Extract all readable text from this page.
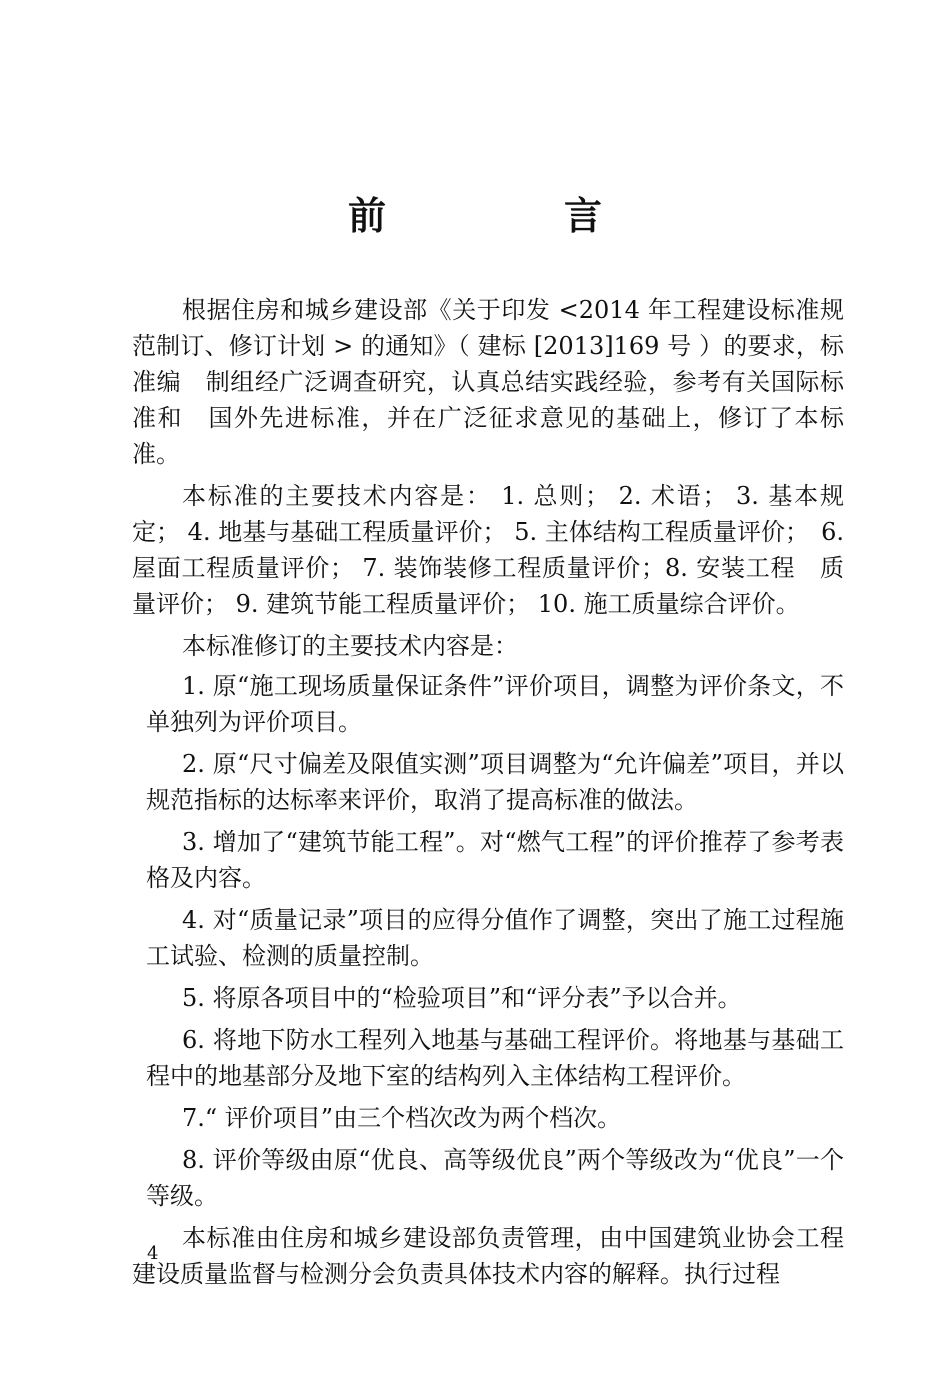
前　言

根据住房和城乡建设部《关于印发 <2014 年工程建设标准规　范制订、修订计划 > 的通知》（ 建标 [2013]169 号 ）的要求，标准编　制组经广泛调查研究，认真总结实践经验，参考有关国际标准和　国外先进标准，并在广泛征求意见的基础上，修订了本标准。

本标准的主要技术内容是： 1. 总则； 2. 术语； 3. 基本规　定； 4. 地基与基础工程质量评价； 5. 主体结构工程质量评价；　6. 屋面工程质量评价； 7. 装饰装修工程质量评价；8. 安装工程　质量评价； 9. 建筑节能工程质量评价； 10. 施工质量综合评价。

本标准修订的主要技术内容是：

1. 原“施工现场质量保证条件”评价项目，调整为评价条文，不单独列为评价项目。

2. 原“尺寸偏差及限值实测”项目调整为“允许偏差”项目，并以规范指标的达标率来评价，取消了提高标准的做法。

3. 增加了“建筑节能工程”。对“燃气工程”的评价推荐了参考表格及内容。

4. 对“质量记录”项目的应得分值作了调整，突出了施工过程施工试验、检测的质量控制。

5. 将原各项目中的“检验项目”和“评分表”予以合并。

6. 将地下防水工程列入地基与基础工程评价。将地基与基础工程中的地基部分及地下室的结构列入主体结构工程评价。

7.“ 评价项目”由三个档次改为两个档次。

8. 评价等级由原“优良、高等级优良”两个等级改为“优良”一个等级。

本标准由住房和城乡建设部负责管理，由中国建筑业协会工程建设质量监督与检测分会负责具体技术内容的解释。执行过程

4
